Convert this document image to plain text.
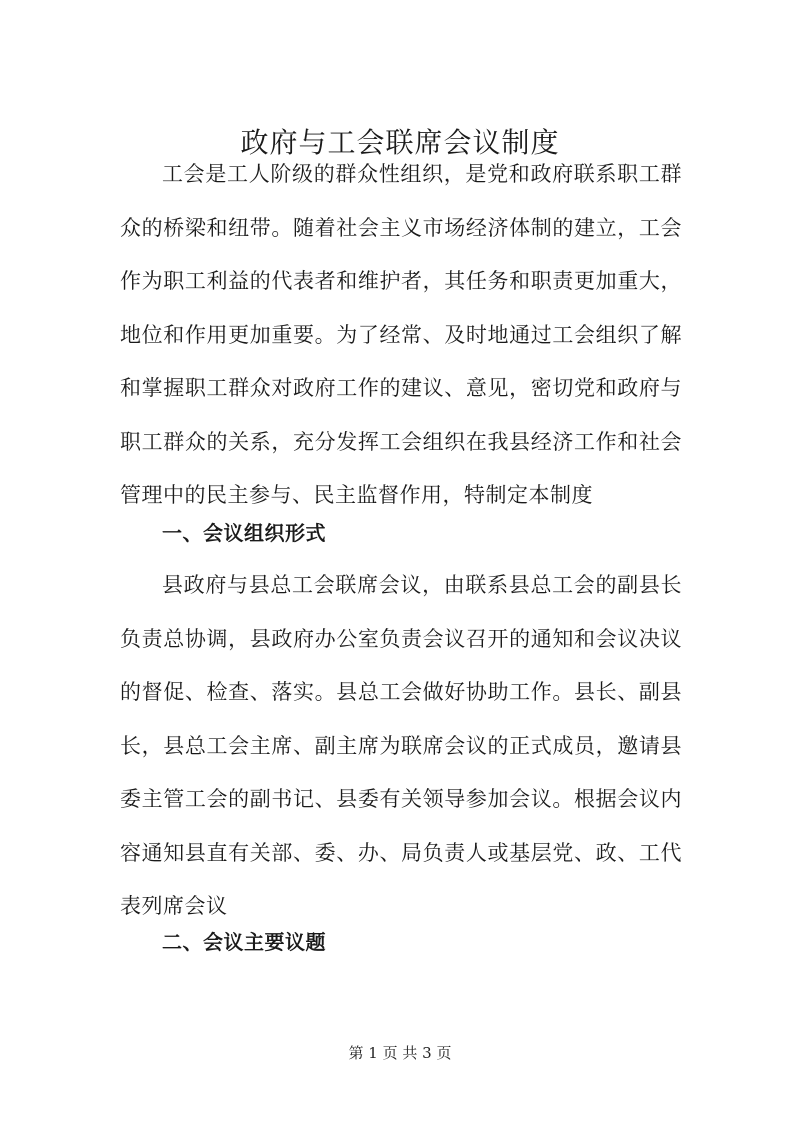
政府与工会联席会议制度

工会是工人阶级的群众性组织，是党和政府联系职工群众的桥梁和纽带。随着社会主义市场经济体制的建立，工会作为职工利益的代表者和维护者，其任务和职责更加重大，地位和作用更加重要。为了经常、及时地通过工会组织了解和掌握职工群众对政府工作的建议、意见，密切党和政府与职工群众的关系，充分发挥工会组织在我县经济工作和社会管理中的民主参与、民主监督作用，特制定本制度

一、会议组织形式

县政府与县总工会联席会议，由联系县总工会的副县长负责总协调，县政府办公室负责会议召开的通知和会议决议的督促、检查、落实。县总工会做好协助工作。县长、副县长，县总工会主席、副主席为联席会议的正式成员，邀请县委主管工会的副书记、县委有关领导参加会议。根据会议内容通知县直有关部、委、办、局负责人或基层党、政、工代表列席会议

二、会议主要议题
第 1 页 共 3 页
